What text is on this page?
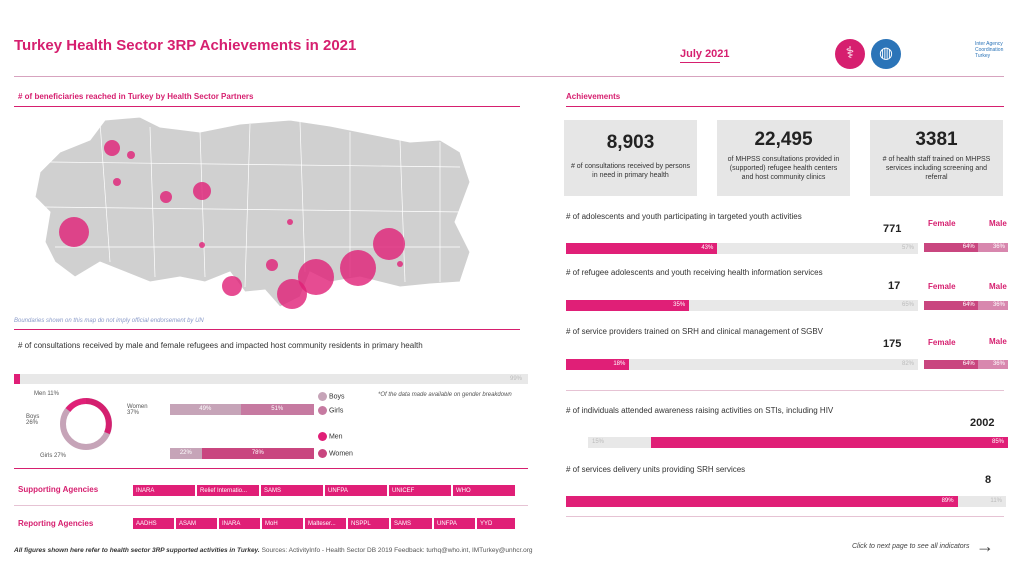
Turkey Health Sector 3RP Achievements in 2021	July 2021	⚕	◍
Inter Agency Coordination Turkey
# of beneficiaries reached in Turkey by Health Sector Partners
Boundaries shown on this map do not imply official endorsement by UN
# of consultations received by male and female refugees and impacted host community residents in primary health
99%
Men 11%
Women 37%
Boys 26%
Girls 27%
49%	51%
22%	78%
Boys
Girls
Men
Women
*Of the data made available on gender breakdown
Supporting Agencies	INARA	Relief Internatio...	SAMS	UNFPA	UNICEF	WHO
Reporting Agencies	AADHS	ASAM	INARA	MoH	Malteser...	NSPPL	SAMS	UNFPA	YYD
All figures shown here refer to health sector 3RP supported activities in Turkey. Sources: ActivityInfo - Health Sector DB 2019 Feedback: turhq@who.int, IMTurkey@unhcr.org
Click to next page to see all indicators →
Achievements
8,903
# of consultations received by persons in need in primary health
22,495
of MHPSS consultations provided in (supported) refugee health centers and host community clinics
3381
# of health staff trained on MHPSS services including screening and referral
# of adolescents and youth participating in targeted youth activities
771	Female	Male
43%	57%	64%	36%
# of refugee adolescents and youth receiving health information services
17	Female	Male
35%	65%	64%	36%
# of service providers trained on SRH and clinical management of SGBV
175	Female	Male
18%	82%	64%	36%
# of individuals attended awareness raising activities on STIs, including HIV
2002
15%	85%
# of services delivery units providing SRH services
8
89%	11%
